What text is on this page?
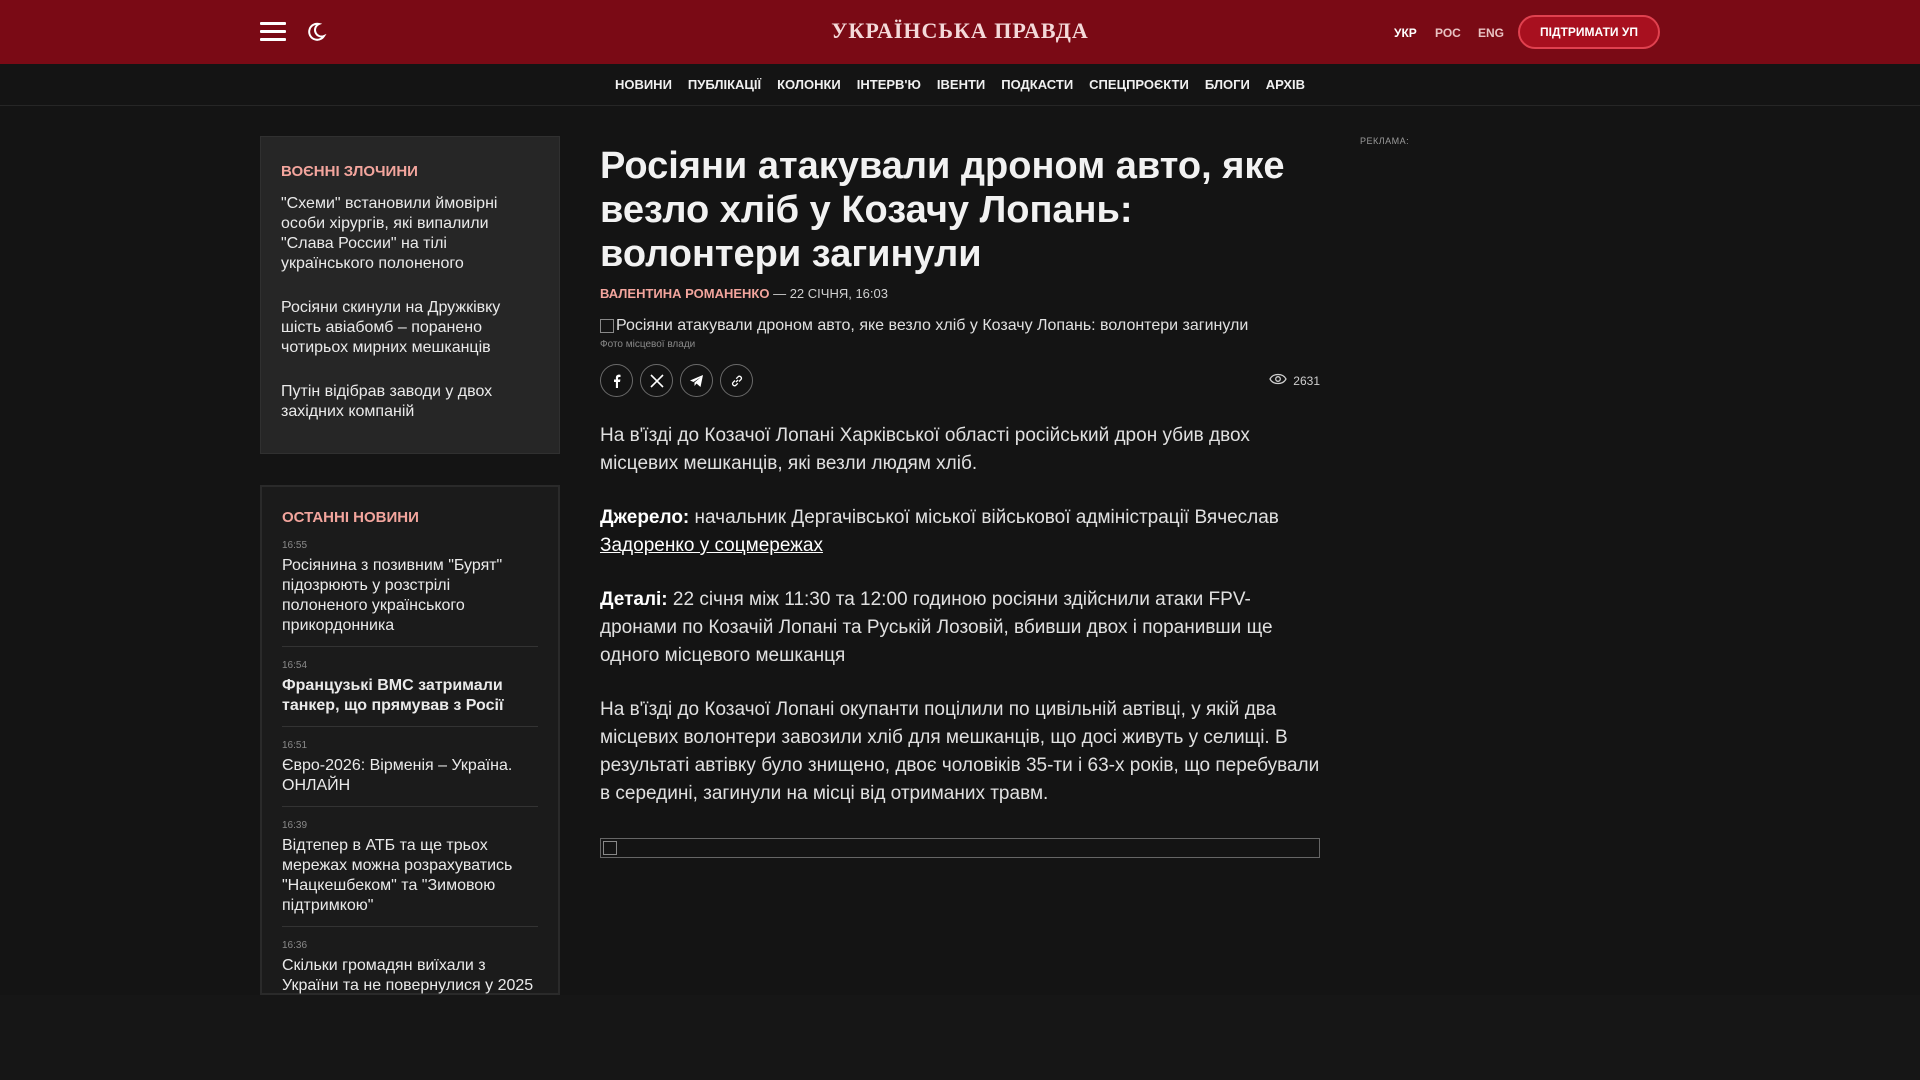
УКРАЇНСЬКА ПРАВДА	УКР РОС ENG	ПІДТРИМАТИ УП
НОВИНИ	ПУБЛІКАЦІЇ	КОЛОНКИ	ІНТЕРВ'Ю	ІВЕНТИ	ПОДКАСТИ	СПЕЦПРОЄКТИ	БЛОГИ	АРХІВ
ВОЄННІ ЗЛОЧИНИ
"Схеми" встановили ймовірні особи хірургів, які випалили "Слава России" на тілі українського полоненого
Росіяни скинули на Дружківку шість авіабомб – поранено чотирьох мирних мешканців
Путін відібрав заводи у двох західних компаній
ОСТАННІ НОВИНИ
16:55
Росіянина з позивним "Бурят" підозрюють у розстрілі полоненого українського прикордонника
16:54
Французькі ВМС затримали танкер, що прямував з Росії
16:51
Євро-2026: Вірменія – Україна. ОНЛАЙН
16:39
Відтепер в АТБ та ще трьох мережах можна розрахуватись "Нацкешбеком" та "Зимовою підтримкою"
16:36
Скільки громадян виїхали з України та не повернулися у 2025
Росіяни атакували дроном авто, яке везло хліб у Козачу Лопань: волонтери загинули
ВАЛЕНТИНА РОМАНЕНКО — 22 СІЧНЯ, 16:03
Росіяни атакували дроном авто, яке везло хліб у Козачу Лопань: волонтери загинули
Фото місцевої влади
2631

На в'їзді до Козачої Лопані Харківської області російський дрон убив двох місцевих мешканців, які везли людям хліб.

Джерело: начальник Дергачівської міської військової адміністрації Вячеслав Задоренко у соцмережах

Деталі: 22 січня між 11:30 та 12:00 годиною росіяни здійснили атаки FPV-дронами по Козачій Лопані та Руській Лозовій, вбивши двох і поранивши ще одного місцевого мешканця

На в'їзді до Козачої Лопані окупанти поцілили по цивільній автівці, у якій два місцевих волонтери завозили хліб для мешканців, що досі живуть у селищі. В результаті автівку було знищено, двоє чоловіків 35-ти і 63-х років, що перебували в середині, загинули на місці від отриманих травм.

РЕКЛАМА:
